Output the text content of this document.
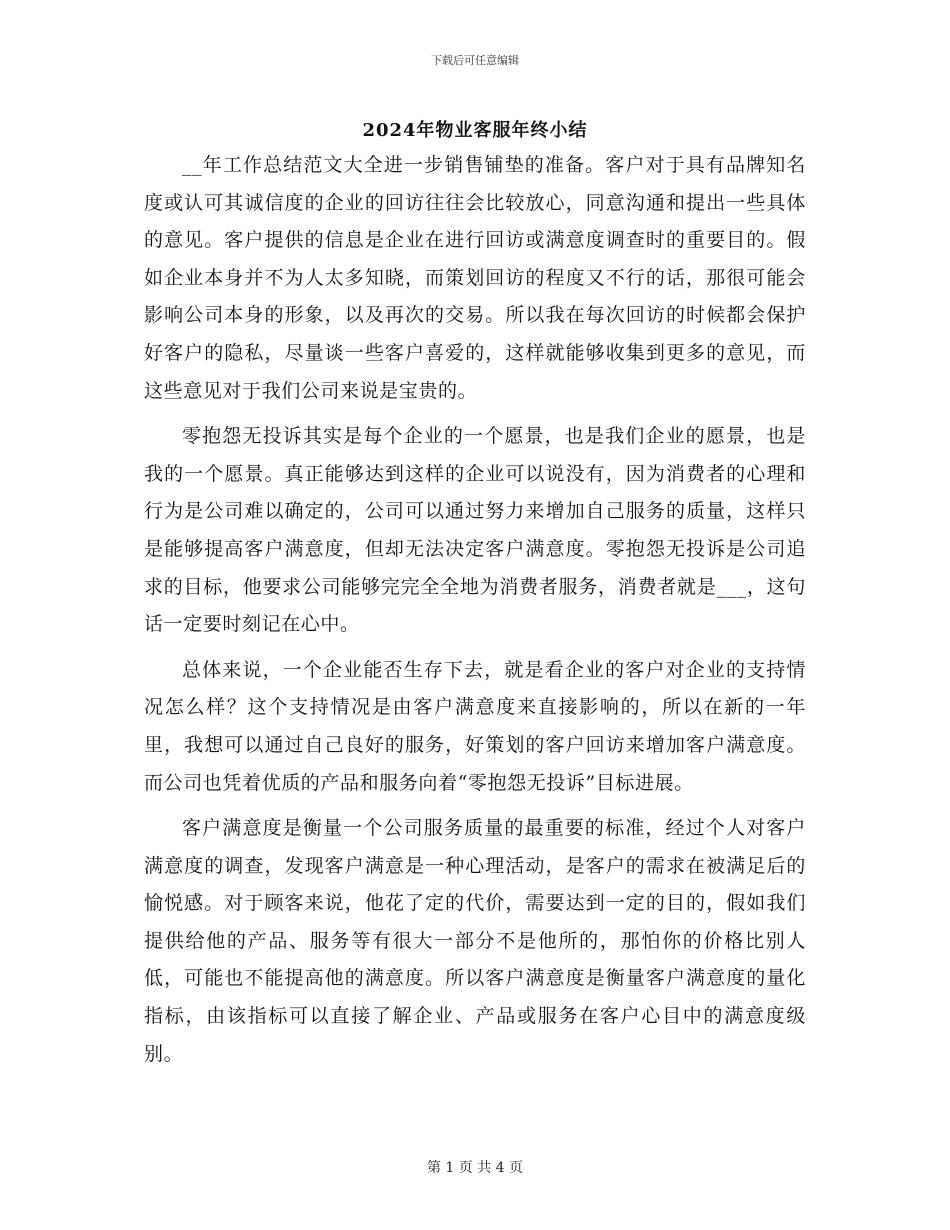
下载后可任意编辑
2024年物业客服年终小结

__年工作总结范文大全进一步销售铺垫的准备。客户对于具有品牌知名度或认可其诚信度的企业的回访往往会比较放心，同意沟通和提出一些具体的意见。客户提供的信息是企业在进行回访或满意度调查时的重要目的。假如企业本身并不为人太多知晓，而策划回访的程度又不行的话，那很可能会影响公司本身的形象，以及再次的交易。所以我在每次回访的时候都会保护好客户的隐私，尽量谈一些客户喜爱的，这样就能够收集到更多的意见，而这些意见对于我们公司来说是宝贵的。

零抱怨无投诉其实是每个企业的一个愿景，也是我们企业的愿景，也是我的一个愿景。真正能够达到这样的企业可以说没有，因为消费者的心理和行为是公司难以确定的，公司可以通过努力来增加自己服务的质量，这样只是能够提高客户满意度，但却无法决定客户满意度。零抱怨无投诉是公司追求的目标，他要求公司能够完完全全地为消费者服务，消费者就是___，这句话一定要时刻记在心中。

总体来说，一个企业能否生存下去，就是看企业的客户对企业的支持情况怎么样？这个支持情况是由客户满意度来直接影响的，所以在新的一年里，我想可以通过自己良好的服务，好策划的客户回访来增加客户满意度。而公司也凭着优质的产品和服务向着“零抱怨无投诉”目标进展。

客户满意度是衡量一个公司服务质量的最重要的标准，经过个人对客户满意度的调查，发现客户满意是一种心理活动，是客户的需求在被满足后的愉悦感。对于顾客来说，他花了定的代价，需要达到一定的目的，假如我们提供给他的产品、服务等有很大一部分不是他所的，那怕你的价格比别人低，可能也不能提高他的满意度。所以客户满意度是衡量客户满意度的量化指标，由该指标可以直接了解企业、产品或服务在客户心目中的满意度级别。

第 1 页 共 4 页
